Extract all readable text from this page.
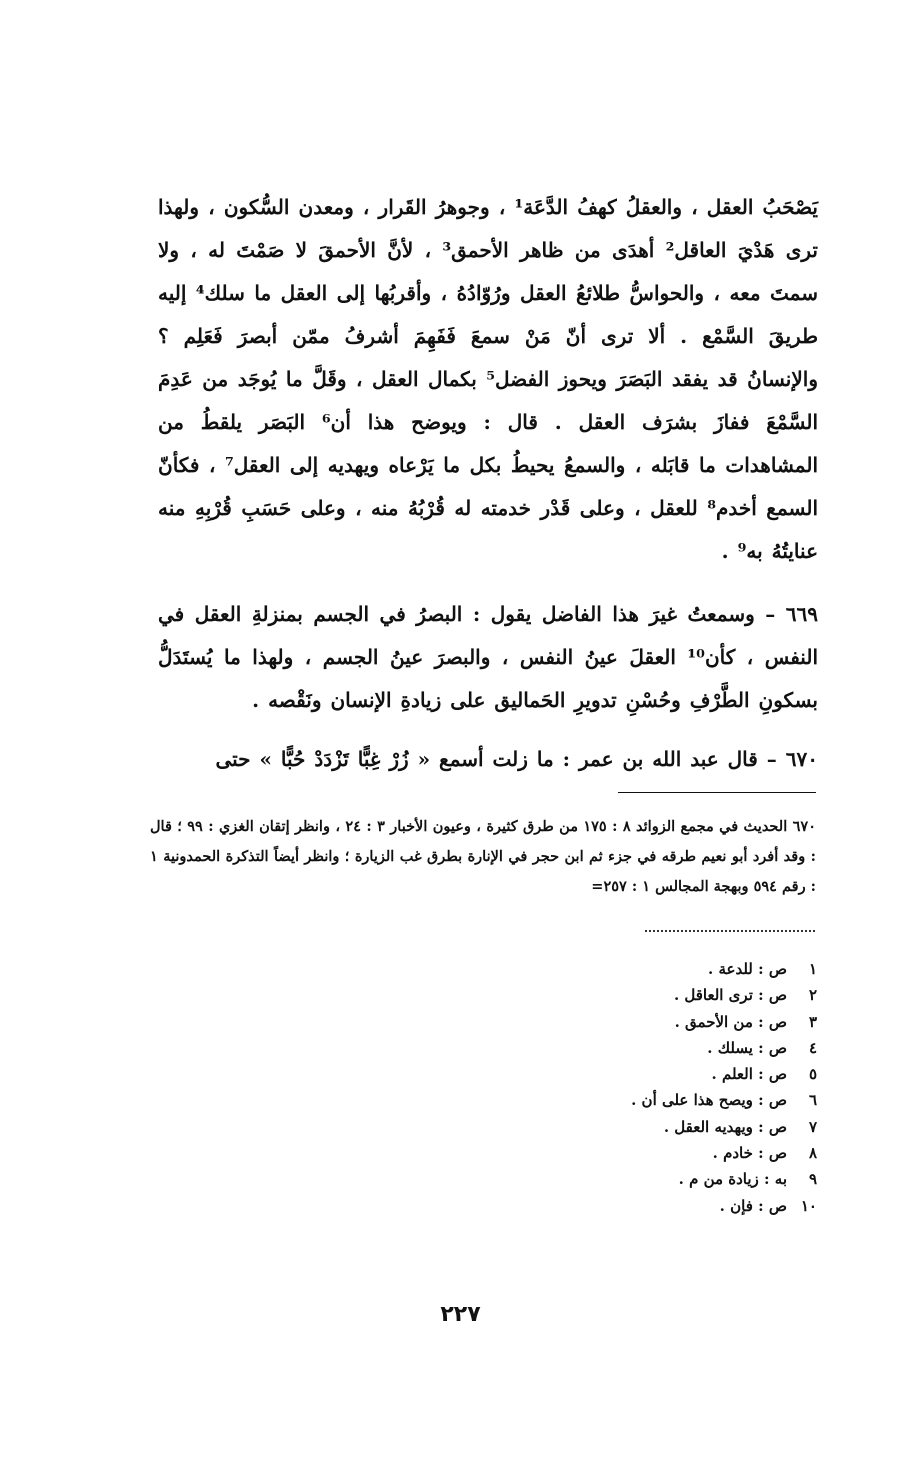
يَصْحَبُ العقل ، والعقلُ كهفُ الدَّعَة¹ ، وجوهرُ القَرار ، ومعدن السُّكون ، ولهذا ترى هَدْيَ العاقل² أهدَى من ظاهر الأحمق³ ، لأنَّ الأحمقَ لا صَمْتَ له ، ولا سمتَ معه ، والحواسُّ طلائعُ العقل ورُوّادُهُ ، وأقربُها إلى العقل ما سلك⁴ إليه طريقَ السَّمْع . ألا ترى أنّ مَنْ سمعَ فَفَهِمَ أشرفُ ممّن أبصرَ فَعَلِم ؟ والإنسانُ قد يفقد البَصَرَ ويحوز الفضل⁵ بكمال العقل ، وقَلَّ ما يُوجَد من عَدِمَ السَّمْعَ ففازَ بشرَف العقل . قال : ويوضح هذا أن⁶ البَصَر يلقطُ من المشاهدات ما قابَله ، والسمعُ يحيطُ بكل ما يَرْعاه ويهديه إلى العقل⁷ ، فكأنّ السمع أخدم⁸ للعقل ، وعلى قَدْر خدمته له قُرْبُهُ منه ، وعلى حَسَبِ قُرْبِهِ منه عنايتُهُ به⁹ .

٦٦٩ – وسمعتُ غيرَ هذا الفاضل يقول : البصرُ في الجسم بمنزلةِ العقل في النفس ، كأن¹⁰ العقلَ عينُ النفس ، والبصرَ عينُ الجسم ، ولهذا ما يُستَدَلُّ بسكونِ الطَّرْفِ وحُسْنِ تدويرِ الحَماليق على زيادةِ الإنسان ونَقْصه .

٦٧٠ – قال عبد الله بن عمر : ما زلت أسمع « زُرْ غِبًّا تَزْدَدْ حُبًّا » حتى

٦٧٠ الحديث في مجمع الزوائد ٨ : ١٧٥ من طرق كثيرة ، وعيون الأخبار ٣ : ٢٤ ، وانظر إتقان الغزي : ٩٩ ؛ قال : وقد أفرد أبو نعيم طرقه في جزء ثم ابن حجر في الإنارة بطرق غب الزيارة ؛ وانظر أيضاً التذكرة الحمدونية ١ : رقم ٥٩٤ وبهجة المجالس ١ : ٢٥٧=
١ص : للدعة .
٢ص : ترى العاقل .
٣ص : من الأحمق .
٤ص : يسلك .
٥ص : العلم .
٦ص : ويصح هذا على أن .
٧ص : ويهديه العقل .
٨ص : خادم .
٩به : زيادة من م .
١٠ص : فإن .
٢٢٧
